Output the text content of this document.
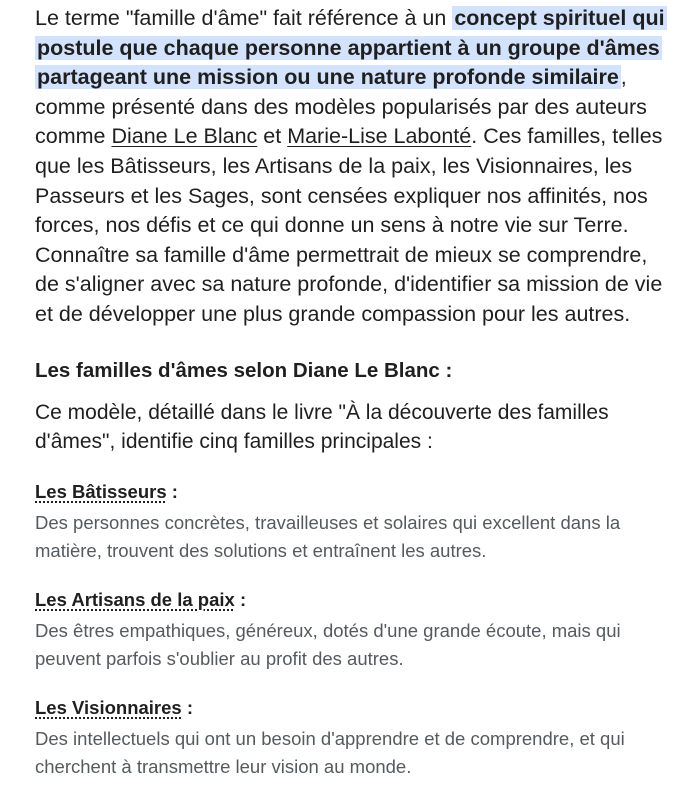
Le terme "famille d'âme" fait référence à un concept spirituel qui postule que chaque personne appartient à un groupe d'âmes partageant une mission ou une nature profonde similaire, comme présenté dans des modèles popularisés par des auteurs comme Diane Le Blanc et Marie-Lise Labonté. Ces familles, telles que les Bâtisseurs, les Artisans de la paix, les Visionnaires, les Passeurs et les Sages, sont censées expliquer nos affinités, nos forces, nos défis et ce qui donne un sens à notre vie sur Terre. Connaître sa famille d'âme permettrait de mieux se comprendre, de s'aligner avec sa nature profonde, d'identifier sa mission de vie et de développer une plus grande compassion pour les autres.

Les familles d'âmes selon Diane Le Blanc :

Ce modèle, détaillé dans le livre "À la découverte des familles d'âmes", identifie cinq familles principales :

Les Bâtisseurs :
Des personnes concrètes, travailleuses et solaires qui excellent dans la matière, trouvent des solutions et entraînent les autres.
Les Artisans de la paix :
Des êtres empathiques, généreux, dotés d'une grande écoute, mais qui peuvent parfois s'oublier au profit des autres.
Les Visionnaires :
Des intellectuels qui ont un besoin d'apprendre et de comprendre, et qui cherchent à transmettre leur vision au monde.
